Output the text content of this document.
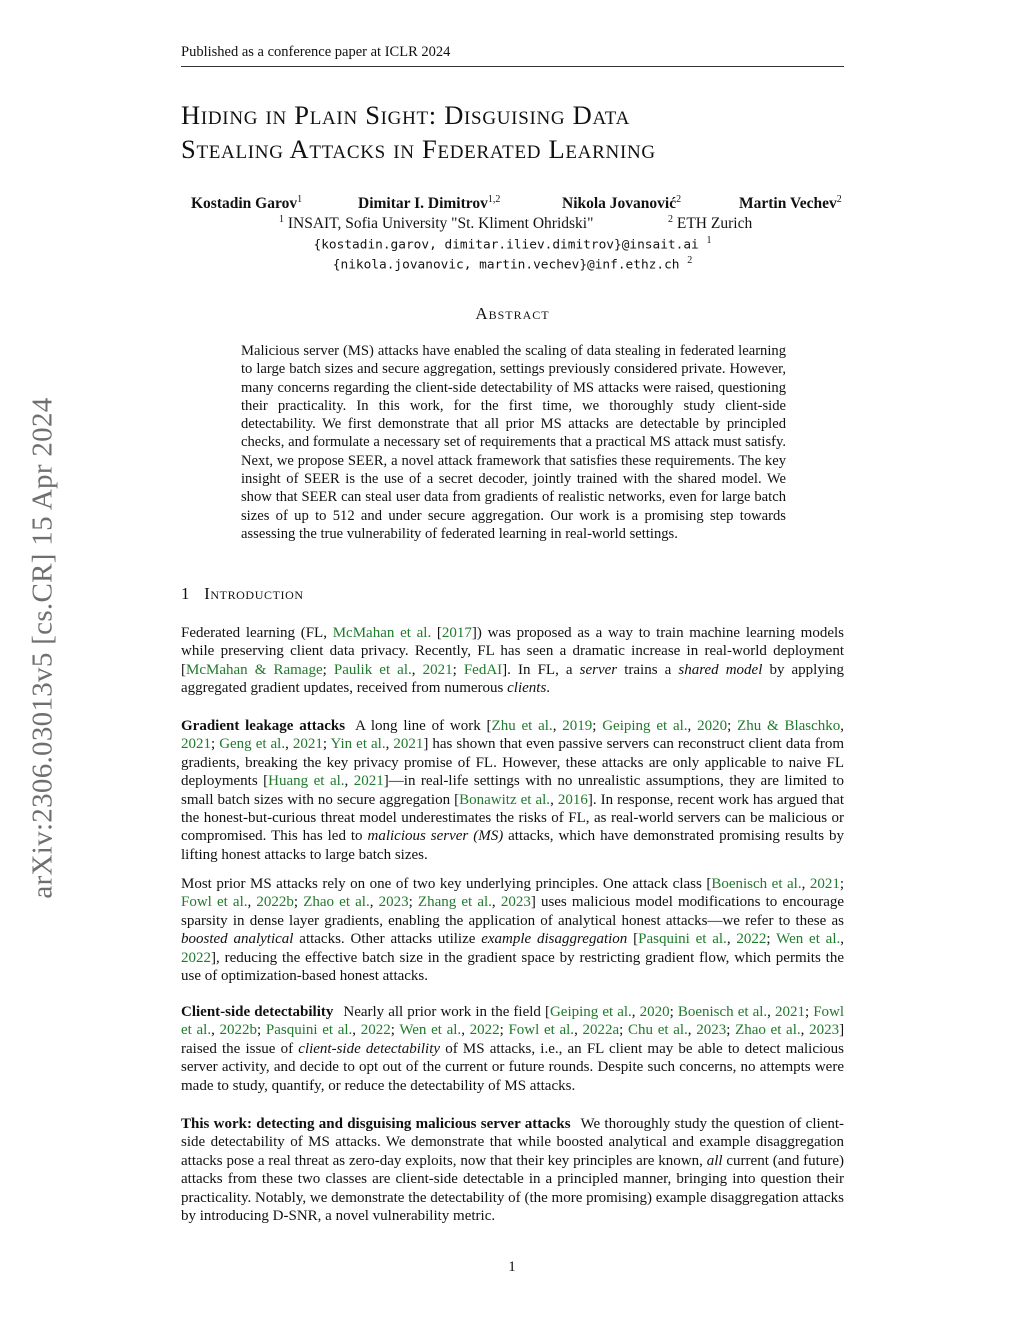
Published as a conference paper at ICLR 2024
arXiv:2306.03013v5 [cs.CR] 15 Apr 2024
Hiding in Plain Sight: Disguising Data
Stealing Attacks in Federated Learning
Kostadin Garov$^1$	Dimitar I. Dimitrov$^{1,2}$	Nikola Jovanović$^2$	Martin Vechev$^2$
$^1$ INSAIT, Sofia University "St. Kliment Ohridski"	$^2$ ETH Zurich
{kostadin.garov, dimitar.iliev.dimitrov}@insait.ai $^1$
{nikola.jovanovic, martin.vechev}@inf.ethz.ch $^2$
Abstract

Malicious server (MS) attacks have enabled the scaling of data stealing in federated learning to large batch sizes and secure aggregation, settings previously considered private. However, many concerns regarding the client-side detectability of MS attacks were raised, questioning their practicality. In this work, for the first time, we thoroughly study client-side detectability. We first demonstrate that all prior MS attacks are detectable by principled checks, and formulate a necessary set of requirements that a practical MS attack must satisfy. Next, we propose SEER, a novel attack framework that satisfies these requirements. The key insight of SEER is the use of a secret decoder, jointly trained with the shared model. We show that SEER can steal user data from gradients of realistic networks, even for large batch sizes of up to 512 and under secure aggregation. Our work is a promising step towards assessing the true vulnerability of federated learning in real-world settings.

1 Introduction

Federated learning (FL, McMahan et al. [2017]) was proposed as a way to train machine learning models while preserving client data privacy. Recently, FL has seen a dramatic increase in real-world deployment [McMahan & Ramage; Paulik et al., 2021; FedAI]. In FL, a server trains a shared model by applying aggregated gradient updates, received from numerous clients.

Gradient leakage attacks A long line of work [Zhu et al., 2019; Geiping et al., 2020; Zhu & Blaschko, 2021; Geng et al., 2021; Yin et al., 2021] has shown that even passive servers can reconstruct client data from gradients, breaking the key privacy promise of FL. However, these attacks are only applicable to naive FL deployments [Huang et al., 2021]—in real-life settings with no unrealistic assumptions, they are limited to small batch sizes with no secure aggregation [Bonawitz et al., 2016]. In response, recent work has argued that the honest-but-curious threat model underestimates the risks of FL, as real-world servers can be malicious or compromised. This has led to malicious server (MS) attacks, which have demonstrated promising results by lifting honest attacks to large batch sizes.

Most prior MS attacks rely on one of two key underlying principles. One attack class [Boenisch et al., 2021; Fowl et al., 2022b; Zhao et al., 2023; Zhang et al., 2023] uses malicious model modifications to encourage sparsity in dense layer gradients, enabling the application of analytical honest attacks—we refer to these as boosted analytical attacks. Other attacks utilize example disaggregation [Pasquini et al., 2022; Wen et al., 2022], reducing the effective batch size in the gradient space by restricting gradient flow, which permits the use of optimization-based honest attacks.

Client-side detectability Nearly all prior work in the field [Geiping et al., 2020; Boenisch et al., 2021; Fowl et al., 2022b; Pasquini et al., 2022; Wen et al., 2022; Fowl et al., 2022a; Chu et al., 2023; Zhao et al., 2023] raised the issue of client-side detectability of MS attacks, i.e., an FL client may be able to detect malicious server activity, and decide to opt out of the current or future rounds. Despite such concerns, no attempts were made to study, quantify, or reduce the detectability of MS attacks.

This work: detecting and disguising malicious server attacks We thoroughly study the question of client-side detectability of MS attacks. We demonstrate that while boosted analytical and example disaggregation attacks pose a real threat as zero-day exploits, now that their key principles are known, all current (and future) attacks from these two classes are client-side detectable in a principled manner, bringing into question their practicality. Notably, we demonstrate the detectability of (the more promising) example disaggregation attacks by introducing D-SNR, a novel vulnerability metric.

1
